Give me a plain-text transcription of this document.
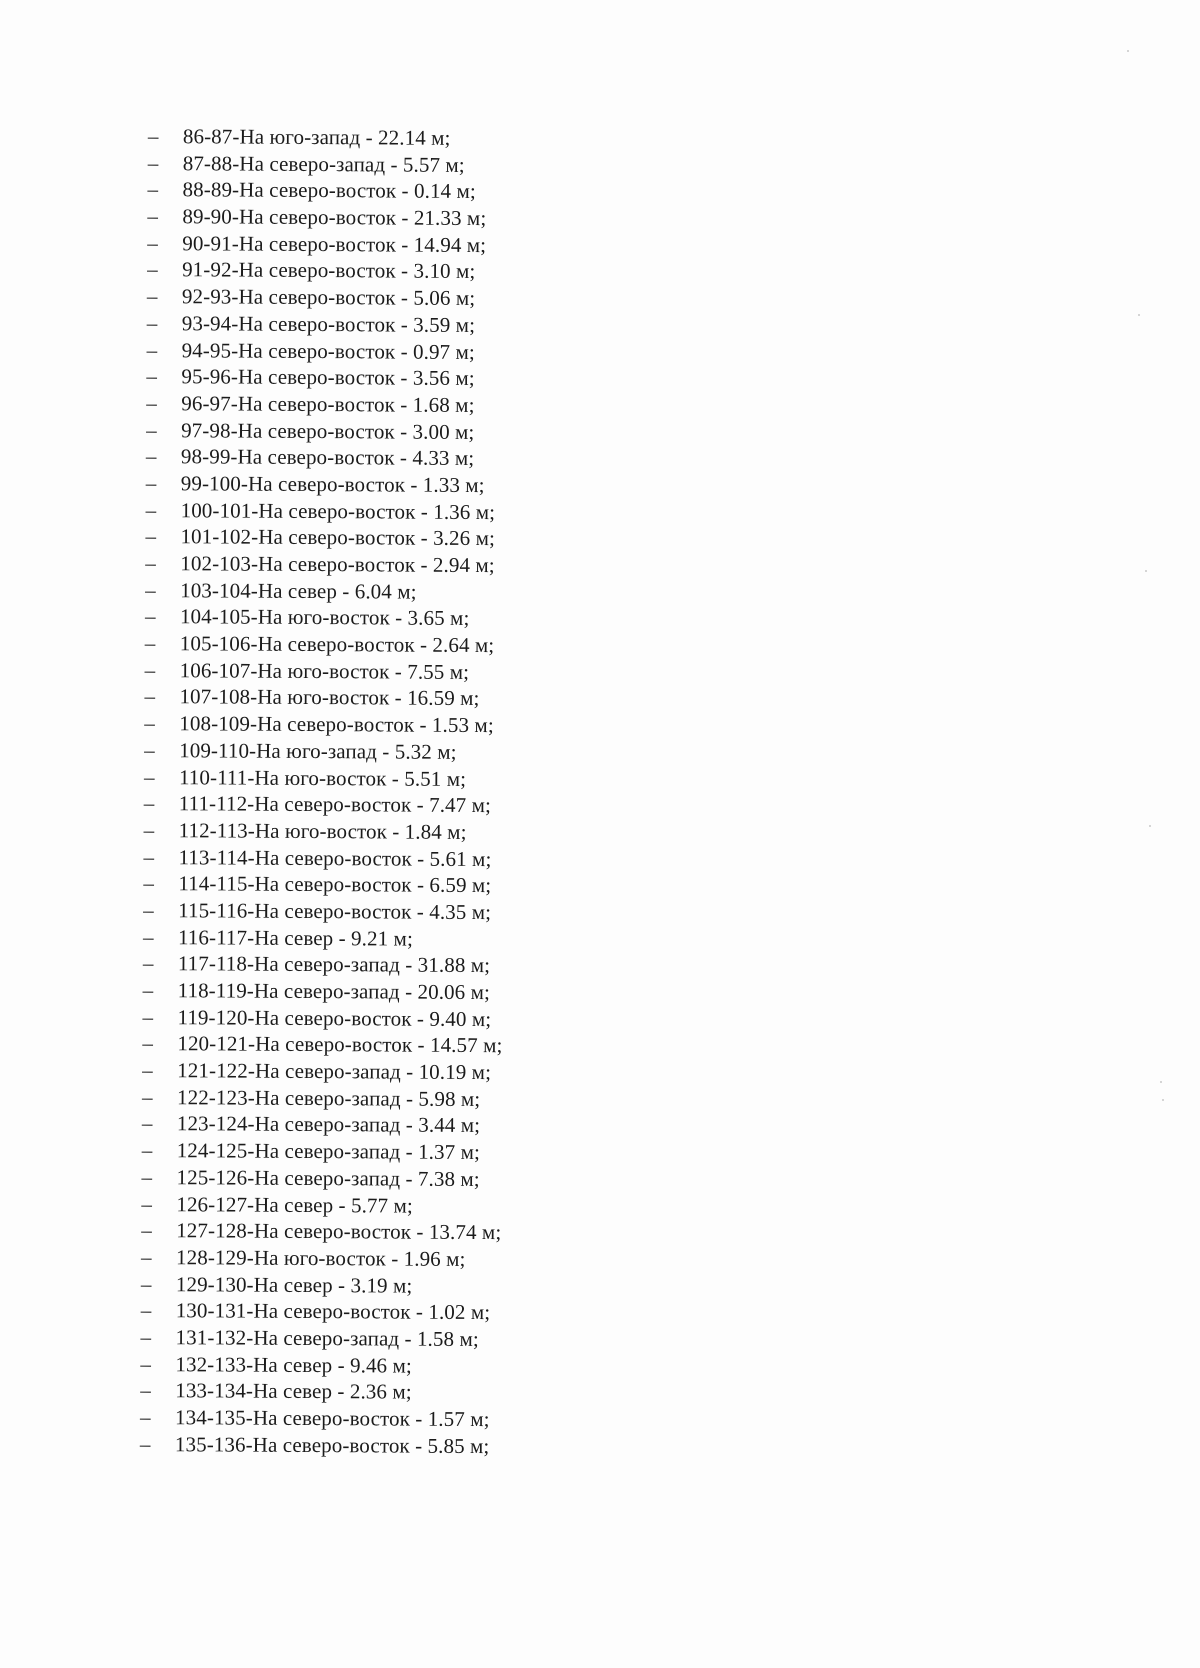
–	86-87-На юго-запад - 22.14 м;
–	87-88-На северо-запад - 5.57 м;
–	88-89-На северо-восток - 0.14 м;
–	89-90-На северо-восток - 21.33 м;
–	90-91-На северо-восток - 14.94 м;
–	91-92-На северо-восток - 3.10 м;
–	92-93-На северо-восток - 5.06 м;
–	93-94-На северо-восток - 3.59 м;
–	94-95-На северо-восток - 0.97 м;
–	95-96-На северо-восток - 3.56 м;
–	96-97-На северо-восток - 1.68 м;
–	97-98-На северо-восток - 3.00 м;
–	98-99-На северо-восток - 4.33 м;
–	99-100-На северо-восток - 1.33 м;
–	100-101-На северо-восток - 1.36 м;
–	101-102-На северо-восток - 3.26 м;
–	102-103-На северо-восток - 2.94 м;
–	103-104-На север - 6.04 м;
–	104-105-На юго-восток - 3.65 м;
–	105-106-На северо-восток - 2.64 м;
–	106-107-На юго-восток - 7.55 м;
–	107-108-На юго-восток - 16.59 м;
–	108-109-На северо-восток - 1.53 м;
–	109-110-На юго-запад - 5.32 м;
–	110-111-На юго-восток - 5.51 м;
–	111-112-На северо-восток - 7.47 м;
–	112-113-На юго-восток - 1.84 м;
–	113-114-На северо-восток - 5.61 м;
–	114-115-На северо-восток - 6.59 м;
–	115-116-На северо-восток - 4.35 м;
–	116-117-На север - 9.21 м;
–	117-118-На северо-запад - 31.88 м;
–	118-119-На северо-запад - 20.06 м;
–	119-120-На северо-восток - 9.40 м;
–	120-121-На северо-восток - 14.57 м;
–	121-122-На северо-запад - 10.19 м;
–	122-123-На северо-запад - 5.98 м;
–	123-124-На северо-запад - 3.44 м;
–	124-125-На северо-запад - 1.37 м;
–	125-126-На северо-запад - 7.38 м;
–	126-127-На север - 5.77 м;
–	127-128-На северо-восток - 13.74 м;
–	128-129-На юго-восток - 1.96 м;
–	129-130-На север - 3.19 м;
–	130-131-На северо-восток - 1.02 м;
–	131-132-На северо-запад - 1.58 м;
–	132-133-На север - 9.46 м;
–	133-134-На север - 2.36 м;
–	134-135-На северо-восток - 1.57 м;
–	135-136-На северо-восток - 5.85 м;
